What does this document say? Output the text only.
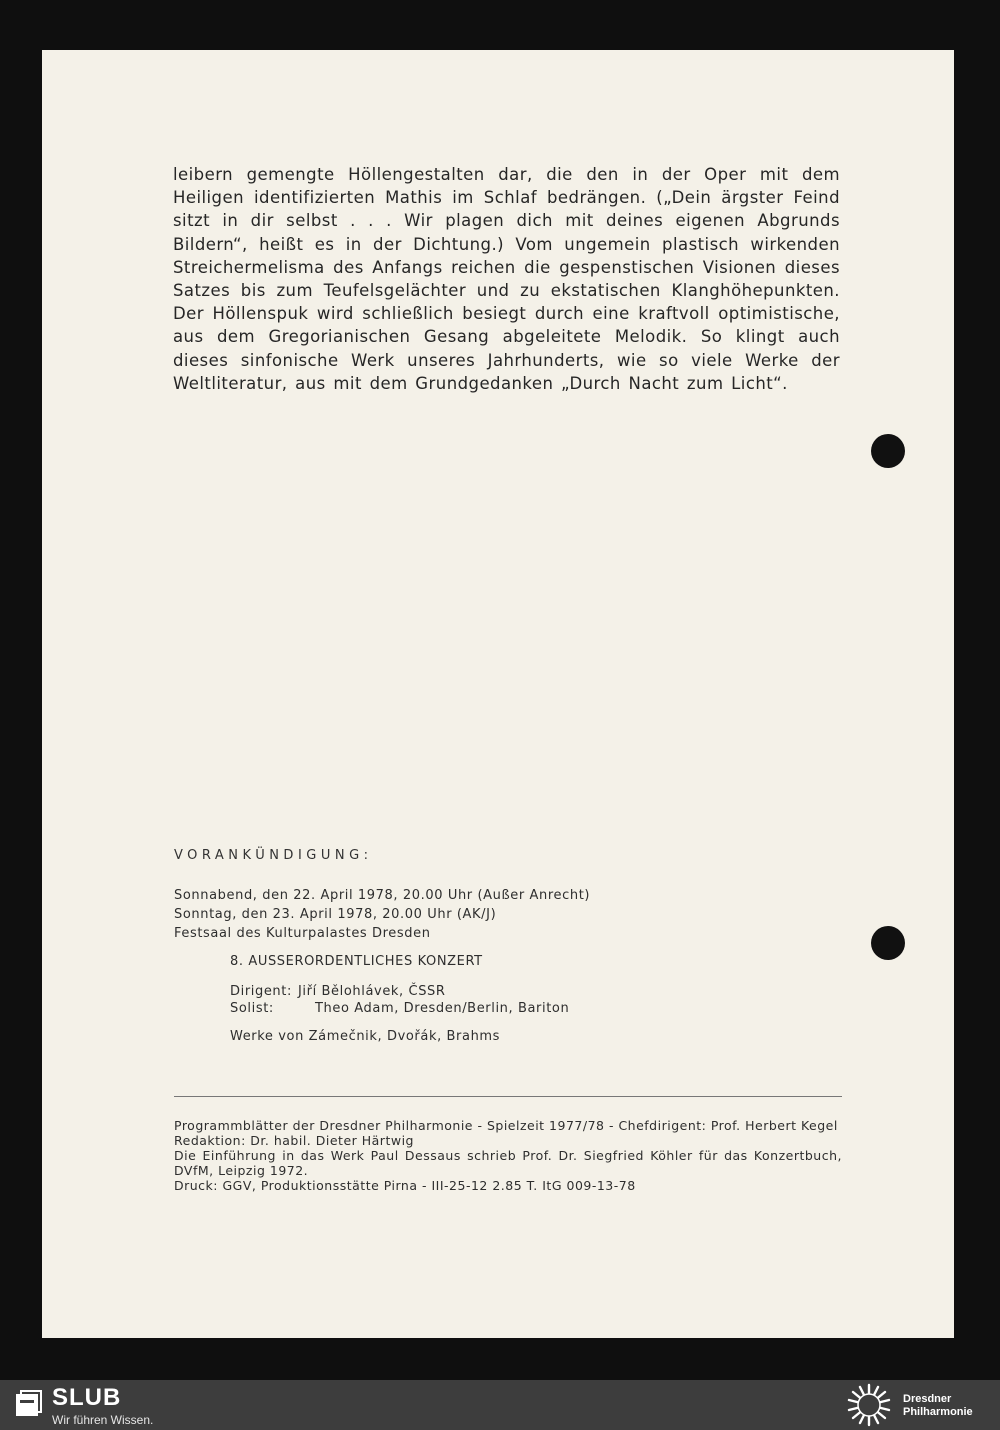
leibern gemengte Höllengestalten dar, die den in der Oper mit dem Heiligen identifizierten Mathis im Schlaf bedrängen. („Dein ärgster Feind sitzt in dir selbst . . . Wir plagen dich mit deines eigenen Abgrunds Bildern“, heißt es in der Dichtung.) Vom ungemein plastisch wirkenden Streichermelisma des Anfangs reichen die gespenstischen Visionen dieses Satzes bis zum Teufelsgelächter und zu ekstatischen Klanghöhepunkten. Der Höllenspuk wird schließlich besiegt durch eine kraftvoll optimistische, aus dem Gregorianischen Gesang abgeleitete Melodik. So klingt auch dieses sinfonische Werk unseres Jahrhunderts, wie so viele Werke der Weltliteratur, aus mit dem Grundgedanken „Durch Nacht zum Licht“.

VORANKÜNDIGUNG:
Sonnabend, den 22. April 1978, 20.00 Uhr (Außer Anrecht)
Sonntag, den 23. April 1978, 20.00 Uhr (AK/J)
Festsaal des Kulturpalastes Dresden
8. AUSSERORDENTLICHES KONZERT
Dirigent: Jiří Bělohlávek, ČSSR
Solist:	Theo Adam, Dresden/Berlin, Bariton
Werke von Zámečnik, Dvořák, Brahms
Programmblätter der Dresdner Philharmonie - Spielzeit 1977/78 - Chefdirigent: Prof. Herbert Kegel
Redaktion: Dr. habil. Dieter Härtwig
Die Einführung in das Werk Paul Dessaus schrieb Prof. Dr. Siegfried Köhler für das Konzertbuch, DVfM, Leipzig 1972.
Druck: GGV, Produktionsstätte Pirna - III-25-12 2.85 T. ItG 009-13-78
SLUB
Wir führen Wissen.
Dresdner
Philharmonie
